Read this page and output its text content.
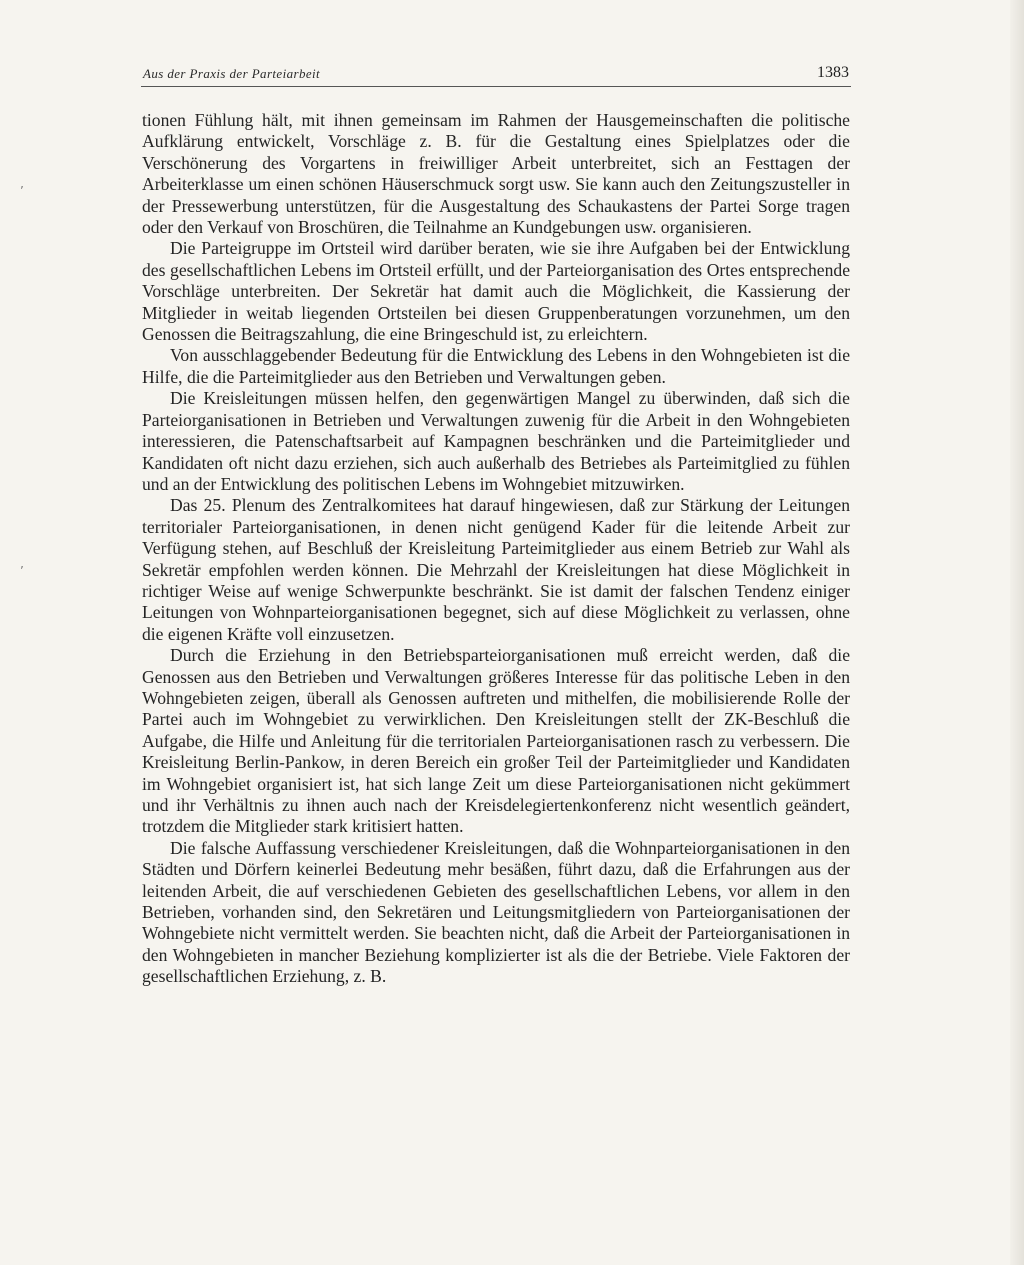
Aus der Praxis der Parteiarbeit	1383
’
’

tionen Fühlung hält, mit ihnen gemeinsam im Rahmen der Hausgemeinschaften die politische Aufklärung entwickelt, Vorschläge z. B. für die Gestaltung eines Spielplatzes oder die Verschönerung des Vorgartens in freiwilliger Arbeit unterbreitet, sich an Festtagen der Arbeiterklasse um einen schönen Häuserschmuck sorgt usw. Sie kann auch den Zeitungszusteller in der Pressewerbung unterstützen, für die Ausgestaltung des Schaukastens der Partei Sorge tragen oder den Verkauf von Broschüren, die Teilnahme an Kundgebungen usw. organisieren.

Die Parteigruppe im Ortsteil wird darüber beraten, wie sie ihre Aufgaben bei der Entwicklung des gesellschaftlichen Lebens im Ortsteil erfüllt, und der Parteiorganisation des Ortes entsprechende Vorschläge unterbreiten. Der Sekretär hat damit auch die Möglichkeit, die Kassierung der Mitglieder in weitab liegenden Ortsteilen bei diesen Gruppenberatungen vorzunehmen, um den Genossen die Beitragszahlung, die eine Bringeschuld ist, zu erleichtern.

Von ausschlaggebender Bedeutung für die Entwicklung des Lebens in den Wohngebieten ist die Hilfe, die die Parteimitglieder aus den Betrieben und Verwaltungen geben.

Die Kreisleitungen müssen helfen, den gegenwärtigen Mangel zu überwinden, daß sich die Parteiorganisationen in Betrieben und Verwaltungen zuwenig für die Arbeit in den Wohngebieten interessieren, die Patenschaftsarbeit auf Kampagnen beschränken und die Parteimitglieder und Kandidaten oft nicht dazu erziehen, sich auch außerhalb des Betriebes als Parteimitglied zu fühlen und an der Entwicklung des politischen Lebens im Wohngebiet mitzuwirken.

Das 25. Plenum des Zentralkomitees hat darauf hingewiesen, daß zur Stärkung der Leitungen territorialer Parteiorganisationen, in denen nicht genügend Kader für die leitende Arbeit zur Verfügung stehen, auf Beschluß der Kreisleitung Parteimitglieder aus einem Betrieb zur Wahl als Sekretär empfohlen werden können. Die Mehrzahl der Kreisleitungen hat diese Möglichkeit in richtiger Weise auf wenige Schwerpunkte beschränkt. Sie ist damit der falschen Tendenz einiger Leitungen von Wohnparteiorganisationen begegnet, sich auf diese Möglichkeit zu verlassen, ohne die eigenen Kräfte voll einzusetzen.

Durch die Erziehung in den Betriebsparteiorganisationen muß erreicht werden, daß die Genossen aus den Betrieben und Verwaltungen größeres Interesse für das politische Leben in den Wohngebieten zeigen, überall als Genossen auftreten und mithelfen, die mobilisierende Rolle der Partei auch im Wohngebiet zu verwirklichen. Den Kreisleitungen stellt der ZK-Beschluß die Aufgabe, die Hilfe und Anleitung für die territorialen Parteiorganisationen rasch zu verbessern. Die Kreisleitung Berlin-Pankow, in deren Bereich ein großer Teil der Parteimitglieder und Kandidaten im Wohngebiet organisiert ist, hat sich lange Zeit um diese Parteiorganisationen nicht gekümmert und ihr Verhältnis zu ihnen auch nach der Kreisdelegiertenkonferenz nicht wesentlich geändert, trotzdem die Mitglieder stark kritisiert hatten.

Die falsche Auffassung verschiedener Kreisleitungen, daß die Wohnparteiorganisationen in den Städten und Dörfern keinerlei Bedeutung mehr besäßen, führt dazu, daß die Erfahrungen aus der leitenden Arbeit, die auf verschiedenen Gebieten des gesellschaftlichen Lebens, vor allem in den Betrieben, vorhanden sind, den Sekretären und Leitungsmitgliedern von Parteiorganisationen der Wohngebiete nicht vermittelt werden. Sie beachten nicht, daß die Arbeit der Parteiorganisationen in den Wohngebieten in mancher Beziehung komplizierter ist als die der Betriebe. Viele Faktoren der gesellschaftlichen Erziehung, z. B.
